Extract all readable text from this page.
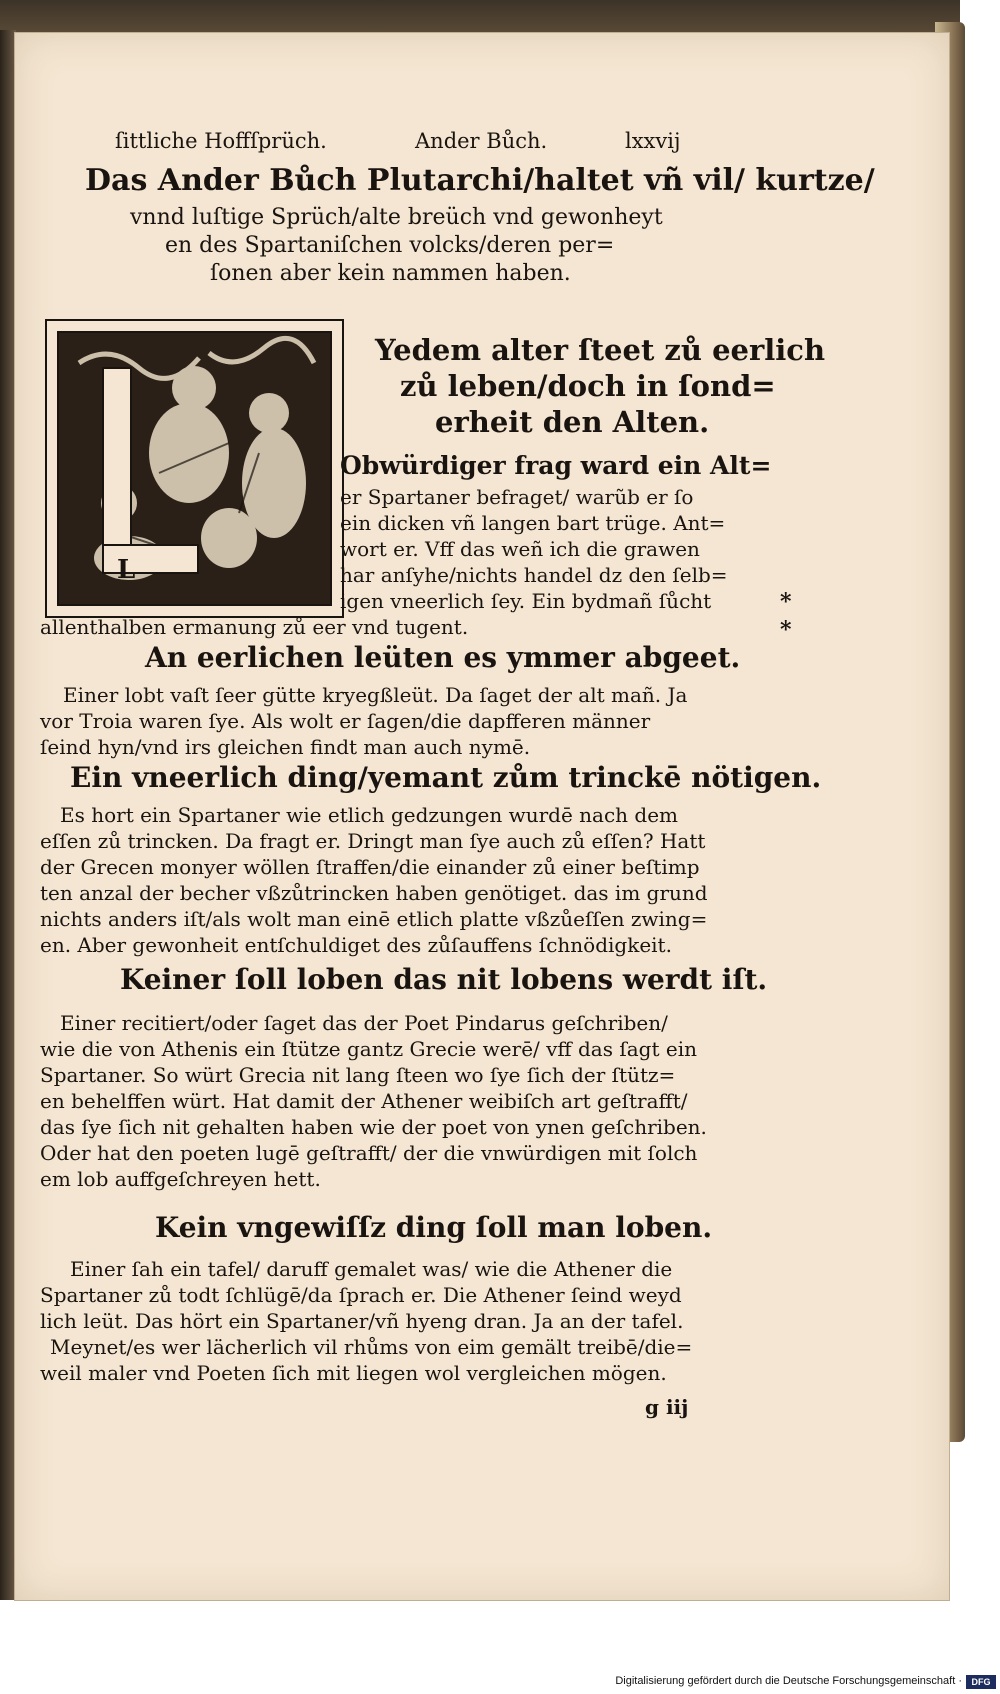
ſittliche Hoffſprüch.	Ander Bůch.	lxxvij
Das Ander Bůch Plutarchi/haltet vñ vil/ kurtze/
vnnd luſtige Sprüch/alte breüch vnd gewonheyt
en des Spartaniſchen volcks/deren per=
ſonen aber kein nammen haben.
L
Yedem alter ſteet zů eerlich
zů leben/doch in ſond=
erheit den Alten.
Obwürdiger frag ward ein Alt=
er Spartaner befraget/ warũb er ſo
ein dicken vñ langen bart trüge. Ant=
wort er. Vff das weñ ich die grawen
har anſyhe/nichts handel dz den ſelb=
igen vneerlich ſey. Ein bydmañ ſůcht
allenthalben ermanung zů eer vnd tugent.
*
*
An eerlichen leüten es ymmer abgeet.
Einer lobt vaſt ſeer gütte kryegßleüt. Da ſaget der alt mañ. Ja
vor Troia waren ſye. Als wolt er ſagen/die dapfferen männer
ſeind hyn/vnd irs gleichen findt man auch nymē.
Ein vneerlich ding/yemant zům trinckē nötigen.
Es hort ein Spartaner wie etlich gedzungen wurdē nach dem
eſſen zů trincken. Da fragt er. Dringt man ſye auch zů eſſen? Hatt
der Grecen monyer wöllen ſtraffen/die einander zů einer beſtimp
ten anzal der becher vßzůtrincken haben genötiget. das im grund
nichts anders iſt/als wolt man einē etlich platte vßzůeſſen zwing=
en. Aber gewonheit entſchuldiget des zůſauffens ſchnödigkeit.
Keiner ſoll loben das nit lobens werdt iſt.
Einer recitiert/oder ſaget das der Poet Pindarus geſchriben/
wie die von Athenis ein ſtütze gantz Grecie werē/ vff das ſagt ein
Spartaner. So würt Grecia nit lang ſteen wo ſye ſich der ſtütz=
en behelffen würt. Hat damit der Athener weibiſch art geſtrafft/
das ſye ſich nit gehalten haben wie der poet von ynen geſchriben.
Oder hat den poeten lugē geſtrafft/ der die vnwürdigen mit ſolch
em lob auffgeſchreyen hett.
Kein vngewiſſz ding ſoll man loben.
Einer ſah ein tafel/ daruff gemalet was/ wie die Athener die
Spartaner zů todt ſchlügē/da ſprach er. Die Athener ſeind weyd
lich leüt. Das hört ein Spartaner/vñ hyeng dran. Ja an der tafel.
Meynet/es wer lächerlich vil rhůms von eim gemält treibē/die=
weil maler vnd Poeten ſich mit liegen wol vergleichen mögen.
g iij
Digitalisierung gefördert durch die Deutsche Forschungsgemeinschaft ·	DFG
